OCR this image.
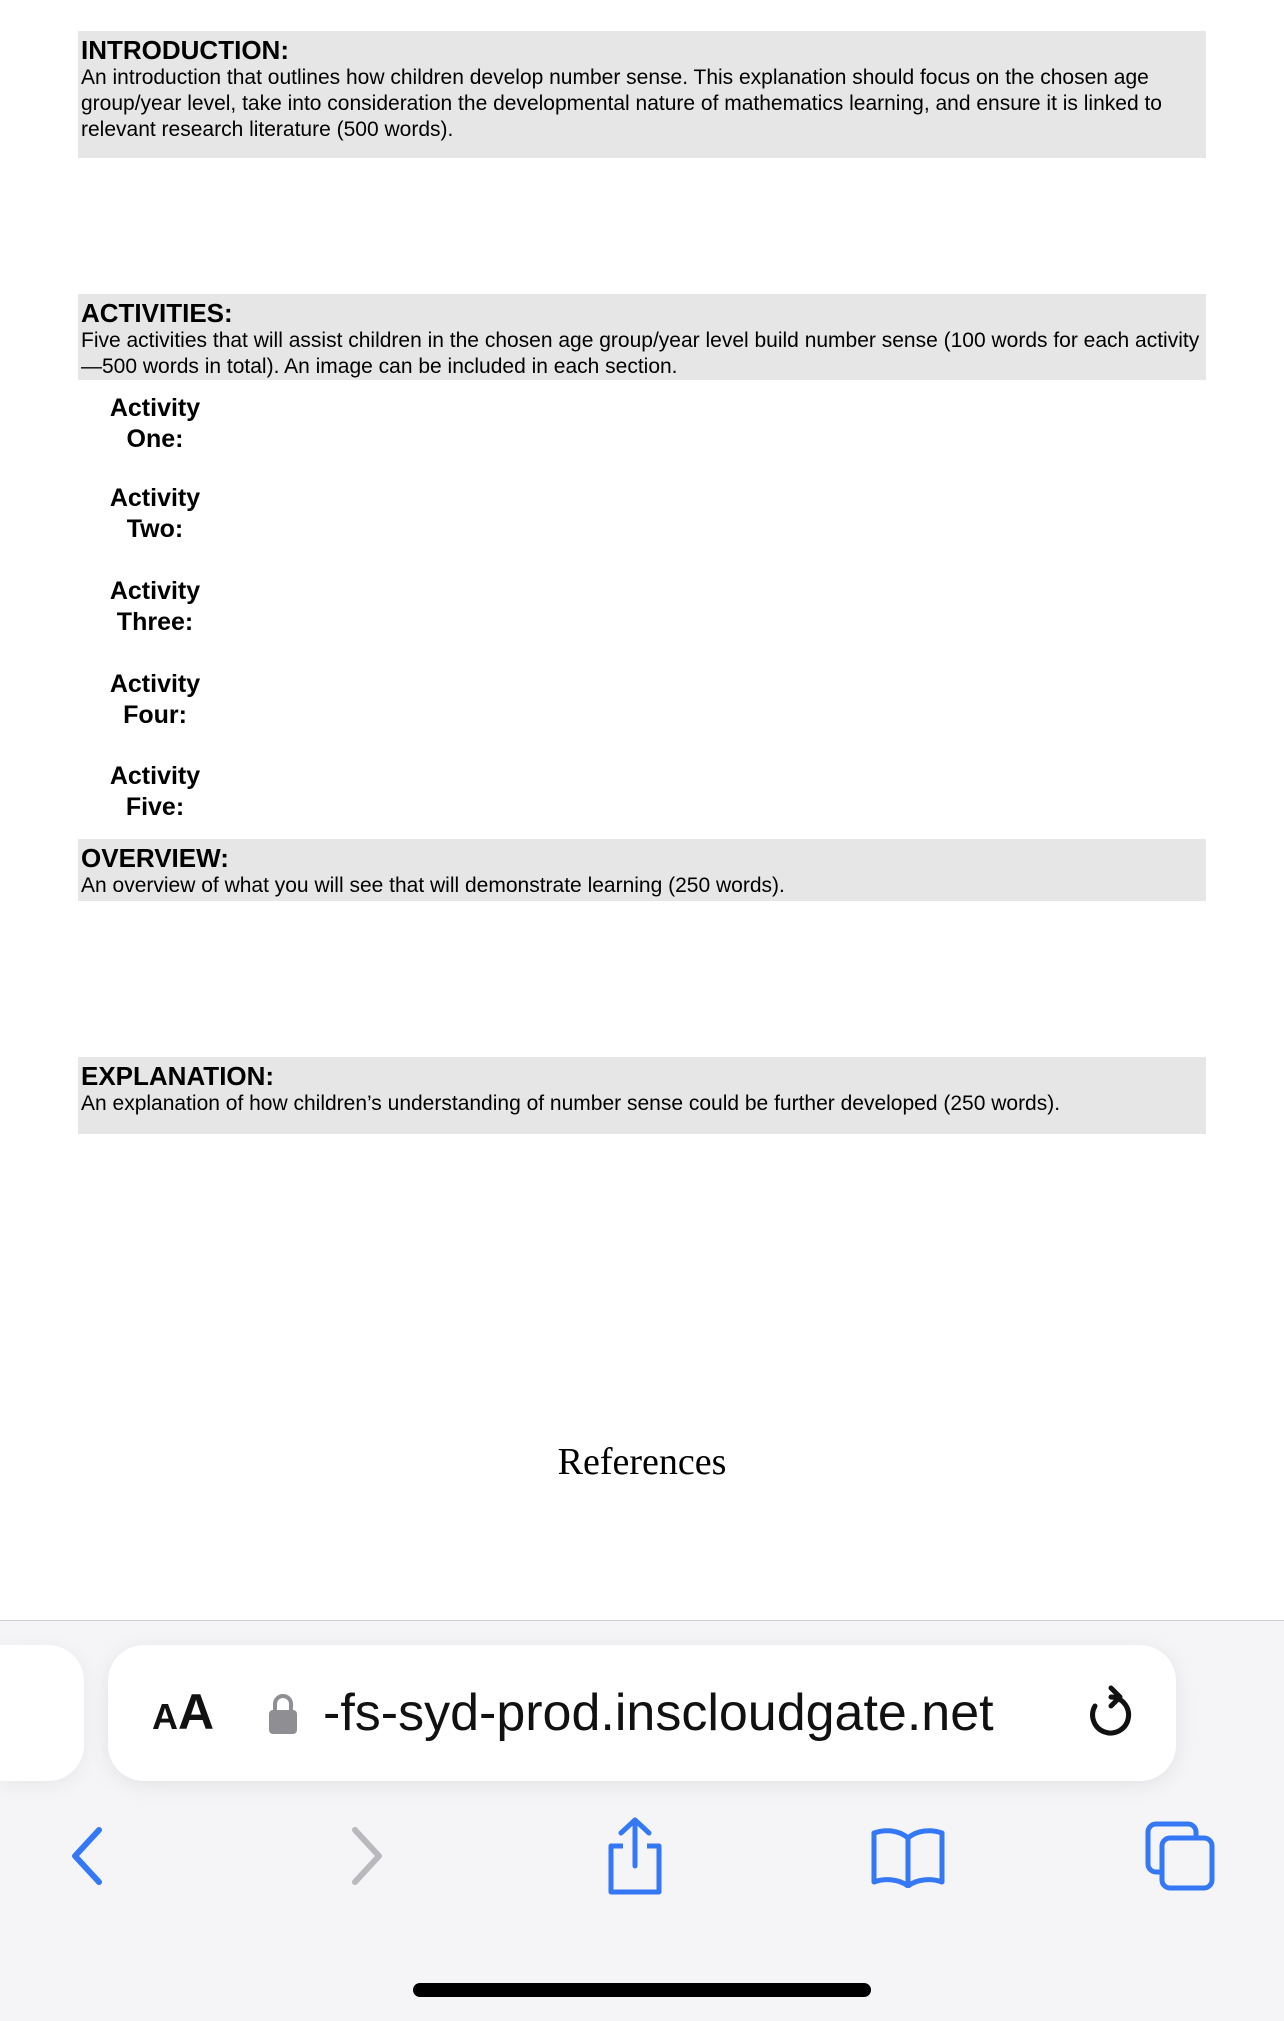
INTRODUCTION:
An introduction that outlines how children develop number sense. This explanation should focus on the chosen age group/year level, take into consideration the developmental nature of mathematics learning, and ensure it is linked to relevant research literature (500 words).
ACTIVITIES:
Five activities that will assist children in the chosen age group/year level build number sense (100 words for each activity—500 words in total). An image can be included in each section.
Activity
One:
Activity
Two:
Activity
Three:
Activity
Four:
Activity
Five:
OVERVIEW:
An overview of what you will see that will demonstrate learning (250 words).
EXPLANATION:
An explanation of how children’s understanding of number sense could be further developed (250 words).
References
A A -fs-syd-prod.inscloudgate.net
